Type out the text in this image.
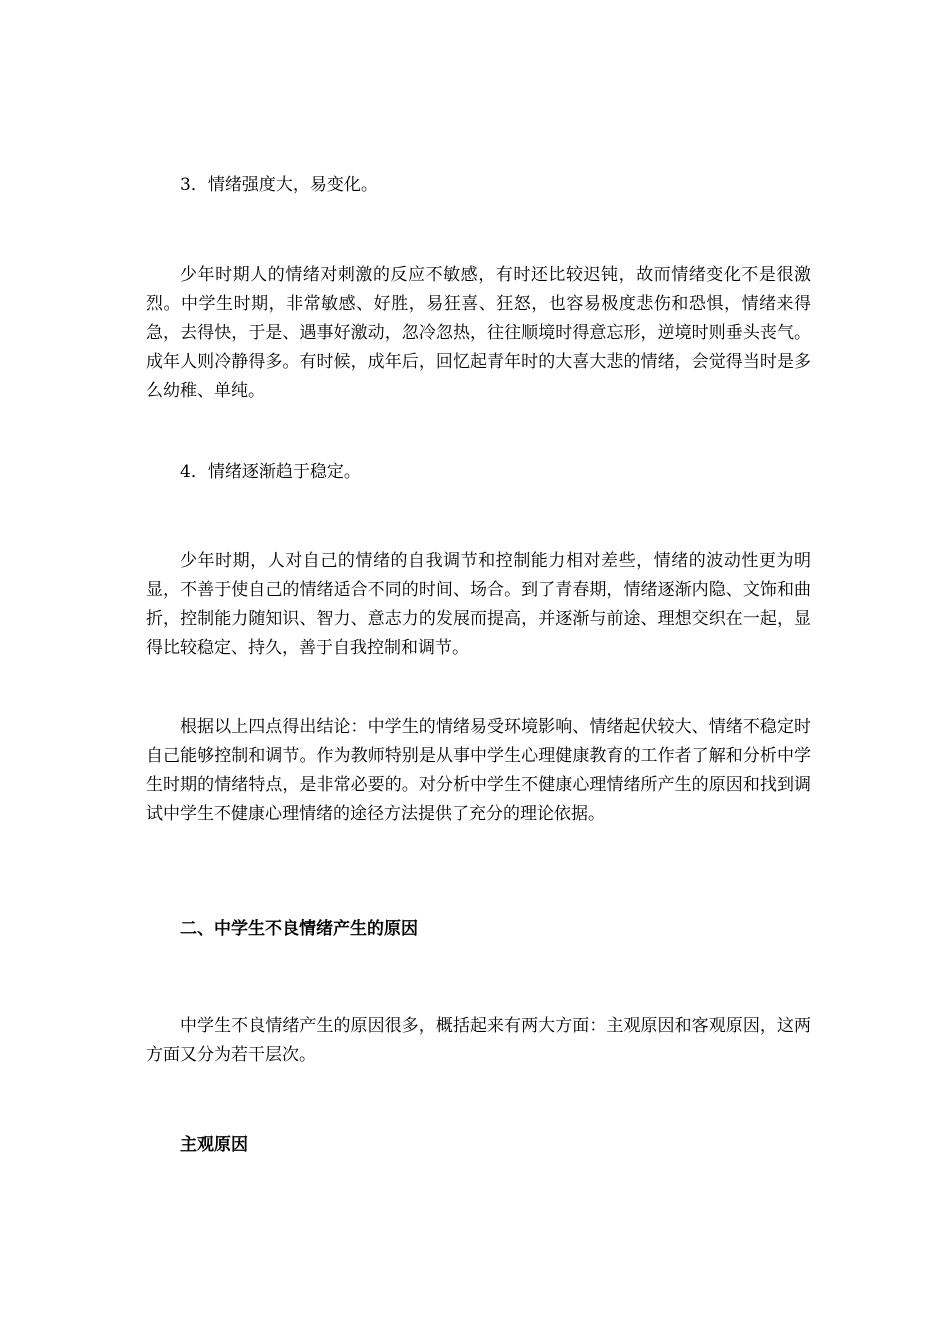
3．情绪强度大，易变化。

少年时期人的情绪对刺激的反应不敏感，有时还比较迟钝，故而情绪变化不是很激烈。中学生时期，非常敏感、好胜，易狂喜、狂怒，也容易极度悲伤和恐惧，情绪来得急，去得快，于是、遇事好激动，忽冷忽热，往往顺境时得意忘形，逆境时则垂头丧气。成年人则冷静得多。有时候，成年后，回忆起青年时的大喜大悲的情绪，会觉得当时是多么幼稚、单纯。

4．情绪逐渐趋于稳定。

少年时期，人对自己的情绪的自我调节和控制能力相对差些，情绪的波动性更为明显，不善于使自己的情绪适合不同的时间、场合。到了青春期，情绪逐渐内隐、文饰和曲折，控制能力随知识、智力、意志力的发展而提高，并逐渐与前途、理想交织在一起，显得比较稳定、持久，善于自我控制和调节。

根据以上四点得出结论：中学生的情绪易受环境影响、情绪起伏较大、情绪不稳定时自己能够控制和调节。作为教师特别是从事中学生心理健康教育的工作者了解和分析中学生时期的情绪特点，是非常必要的。对分析中学生不健康心理情绪所产生的原因和找到调试中学生不健康心理情绪的途径方法提供了充分的理论依据。

二、中学生不良情绪产生的原因

中学生不良情绪产生的原因很多，概括起来有两大方面：主观原因和客观原因，这两方面又分为若干层次。

主观原因
